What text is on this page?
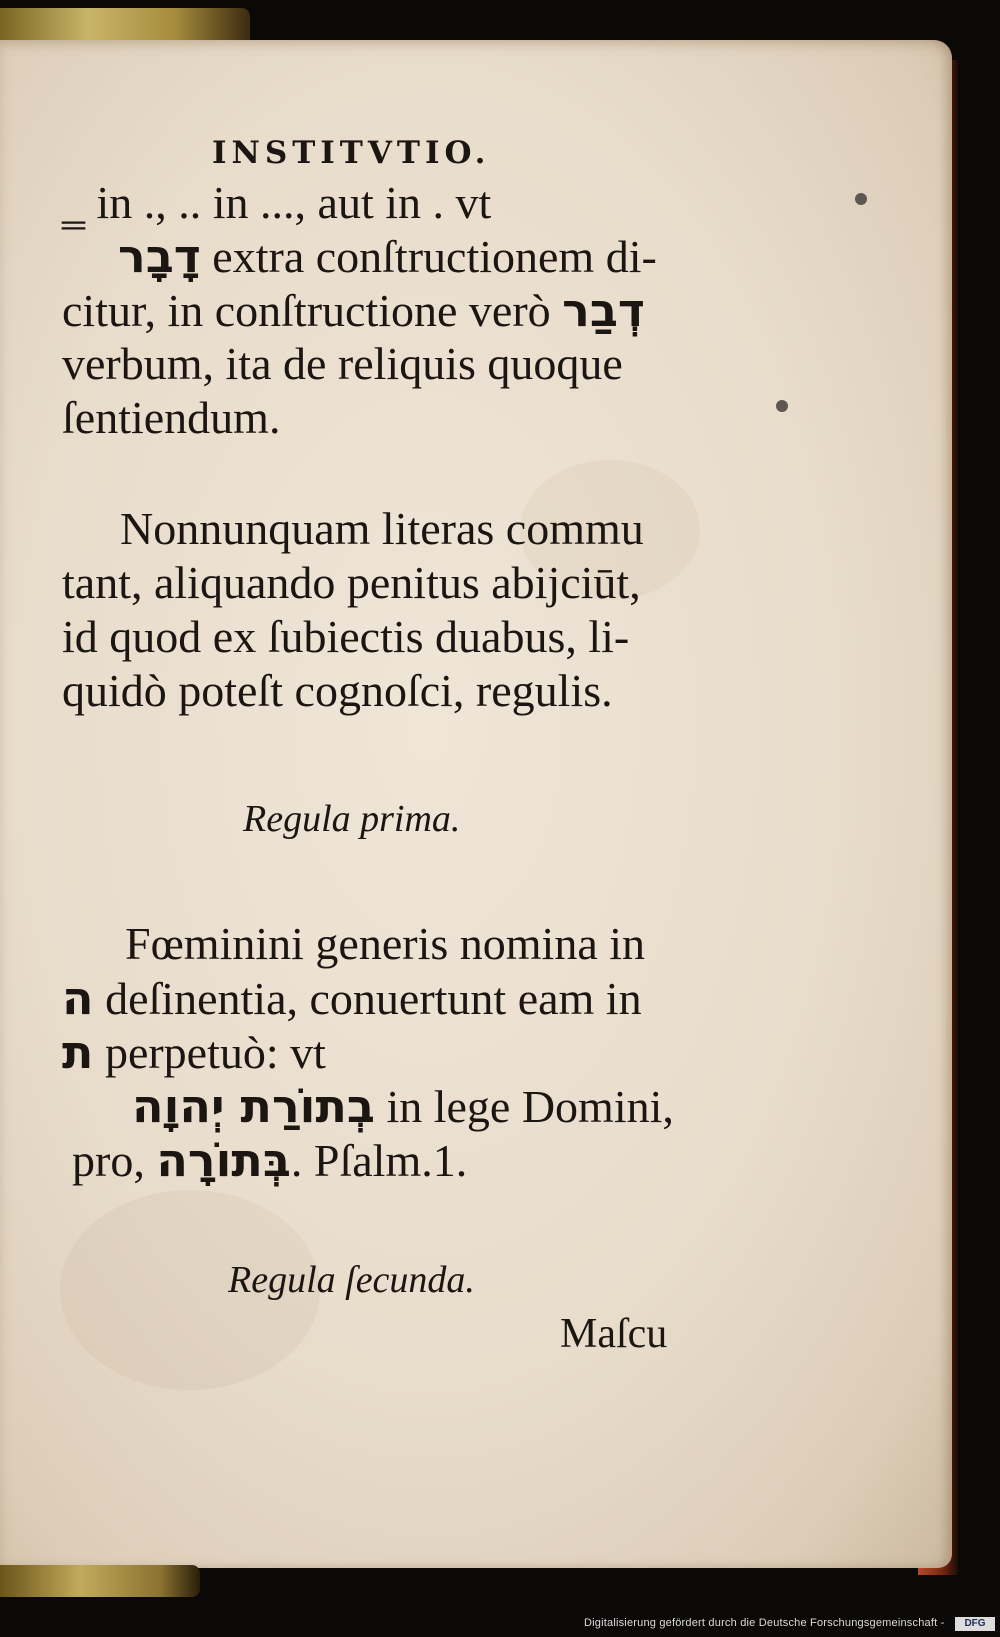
INSTITVTIO.
‗ in ., .. in ..., aut in . vt
דָבָר extra conſtructionem di-
citur, in conſtructione verò דְבַר
verbum, ita de reliquis quoque
ſentiendum.
Nonnunquam literas commu
tant, aliquando penitus abijciūt,
id quod ex ſubiectis duabus, li-
quidò poteſt cognoſci, regulis.
Regula prima.
Fœminini generis nomina in
ה deſinentia, conuertunt eam in
ת perpetuò: vt
בְתוֹרַת יְהוָה in lege Domini,
pro, בְּתוֹרָה. Pſalm.1.
Regula ſecunda.
Maſcu
Digitalisierung gefördert durch die Deutsche Forschungsgemeinschaft -	DFG
